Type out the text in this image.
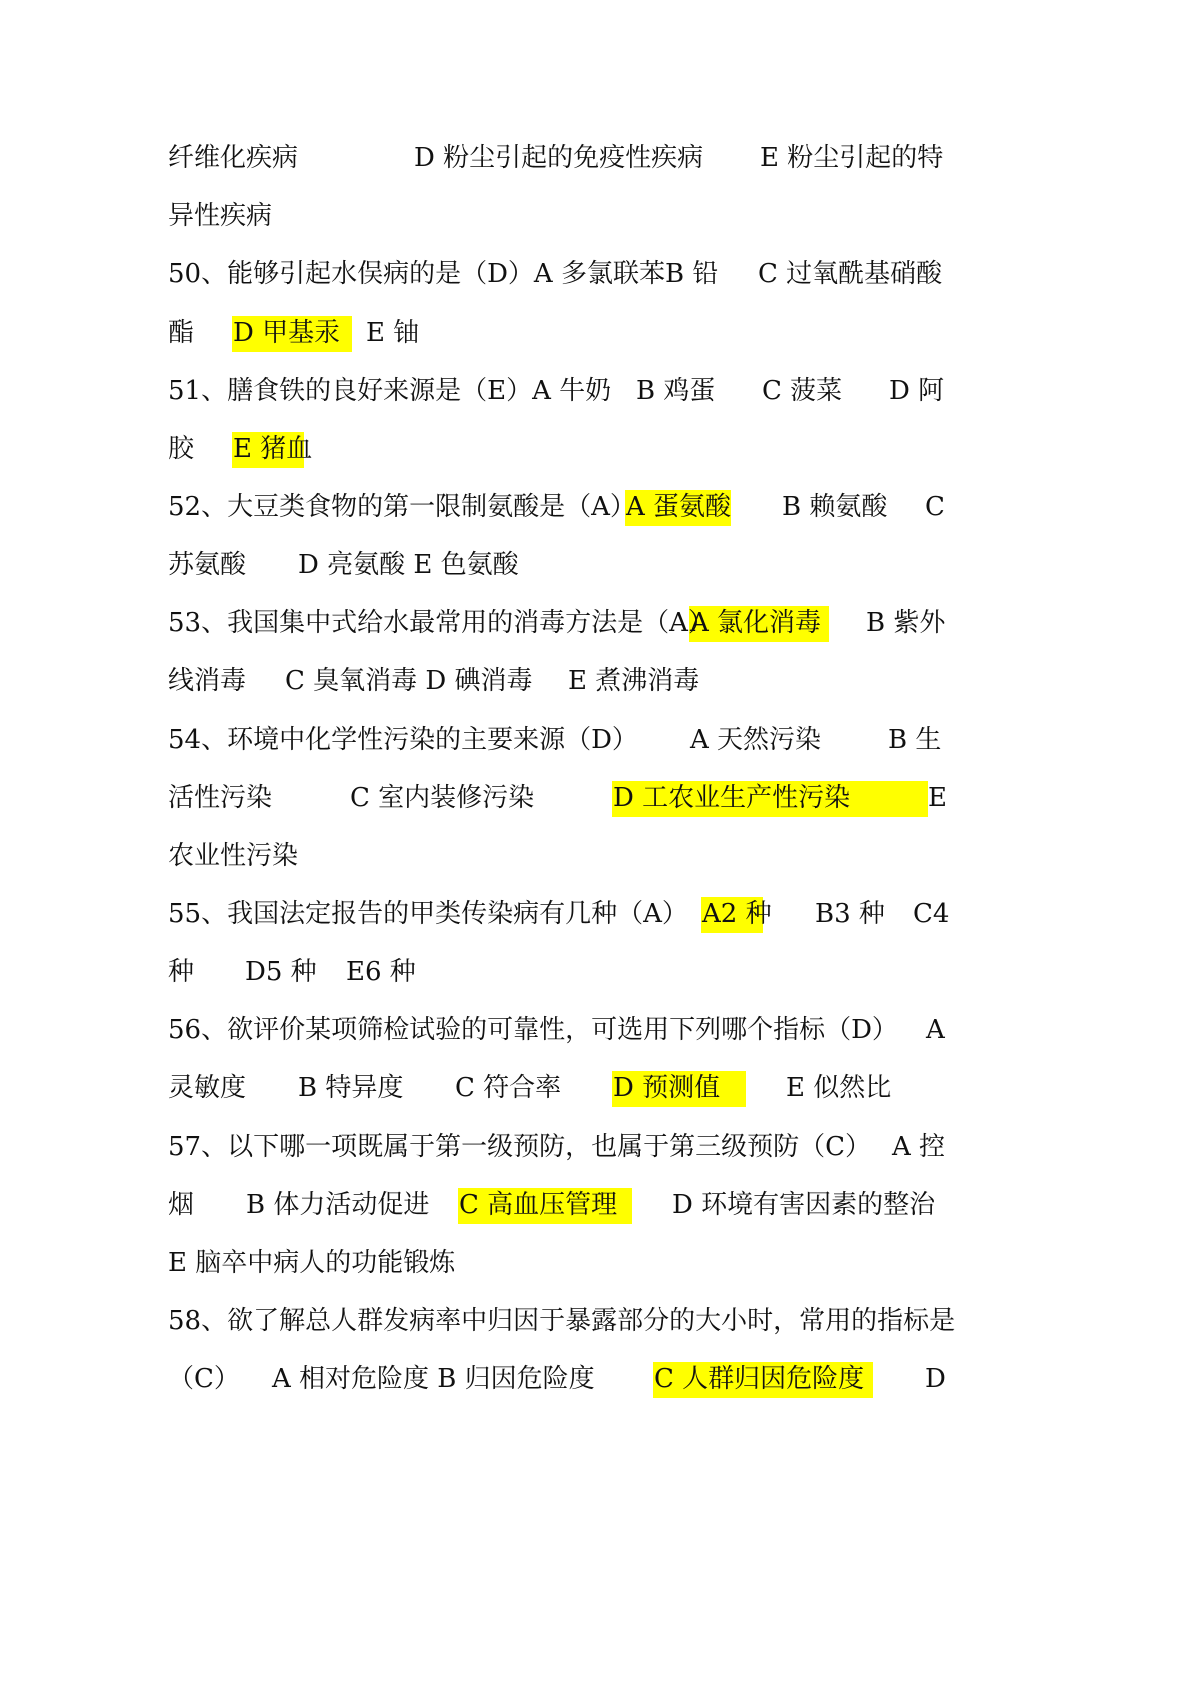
纤维化疾病

	D 粉尘引起的免疫性疾病

E 粉尘引起的特

异性疾病

50、能够引起水俣病的是（D）A 多氯联苯

B 铅

C 过氧酰基硝酸

酯

D 甲基汞

E 铀

51、膳食铁的良好来源是（E）A 牛奶

B 鸡蛋

C 菠菜

D 阿

胶

E 猪血

52、大豆类食物的第一限制氨酸是（A）

A 蛋氨酸

B 赖氨酸

C

苏氨酸

D 亮氨酸 E 色氨酸

53、我国集中式给水最常用的消毒方法是（A）

A 氯化消毒

B 紫外

线消毒

C 臭氧消毒 D 碘消毒

E 煮沸消毒

54、环境中化学性污染的主要来源（D）

A 天然污染

	B 生

活性污染

	C 室内装修污染

	D 工农业生产性污染

	E

农业性污染

55、我国法定报告的甲类传染病有几种（A）

A2 种

B3 种

C4

种

D5 种

E6 种

56、欲评价某项筛检试验的可靠性，可选用下列哪个指标（D）

A

灵敏度

B 特异度

C 符合率

D 预测值

	E 似然比

57、以下哪一项既属于第一级预防，也属于第三级预防（C）

A 控

烟

B 体力活动促进

C 高血压管理

D 环境有害因素的整治

E 脑卒中病人的功能锻炼

58、欲了解总人群发病率中归因于暴露部分的大小时，常用的指标是

（C）

A 相对危险度 B 归因危险度

C 人群归因危险度

D
